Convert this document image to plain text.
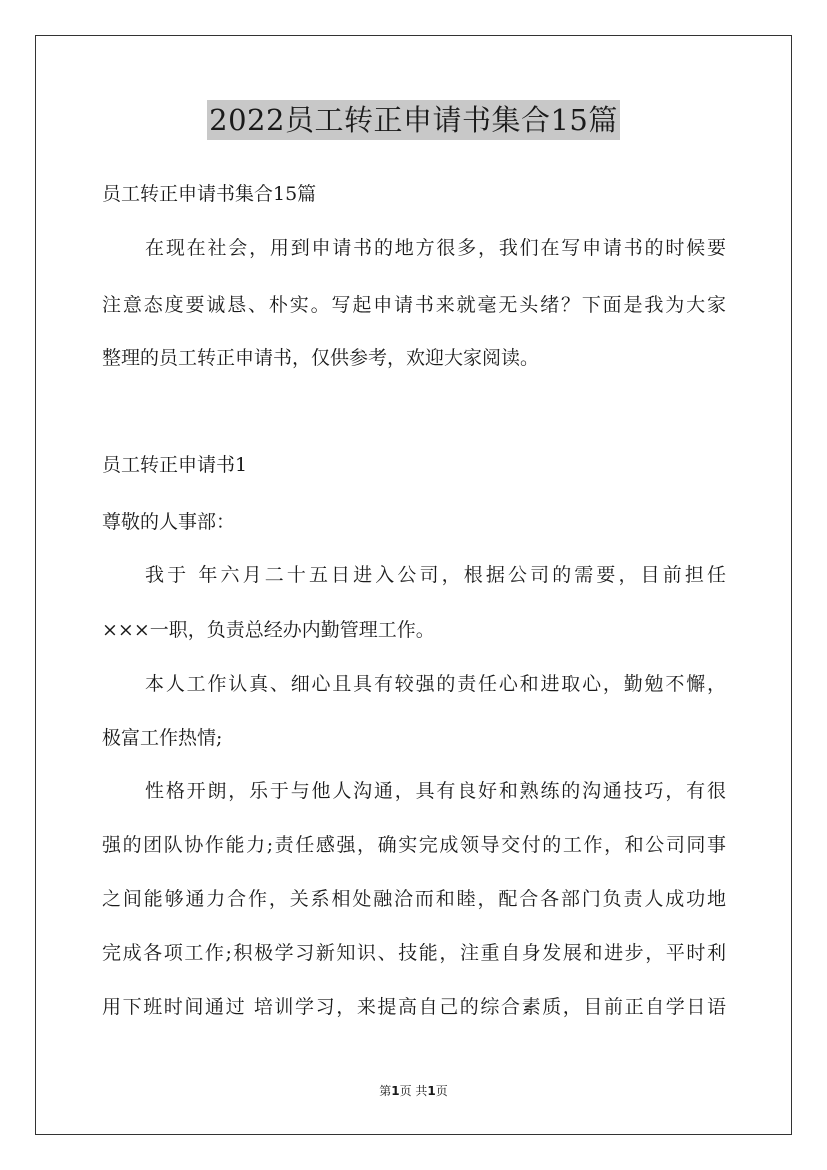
2022员工转正申请书集合15篇
员工转正申请书集合15篇
在现在社会，用到申请书的地方很多，我们在写申请书的时候要
注意态度要诚恳、朴实。写起申请书来就毫无头绪？下面是我为大家
整理的员工转正申请书，仅供参考，欢迎大家阅读。
员工转正申请书1
尊敬的人事部：
我于 年六月二十五日进入公司，根据公司的需要，目前担任
×××一职，负责总经办内勤管理工作。
本人工作认真、细心且具有较强的责任心和进取心，勤勉不懈，
极富工作热情;
性格开朗，乐于与他人沟通，具有良好和熟练的沟通技巧，有很
强的团队协作能力;责任感强，确实完成领导交付的工作，和公司同事
之间能够通力合作，关系相处融洽而和睦，配合各部门负责人成功地
完成各项工作;积极学习新知识、技能，注重自身发展和进步，平时利
用下班时间通过 培训学习，来提高自己的综合素质，目前正自学日语
第1页 共1页
